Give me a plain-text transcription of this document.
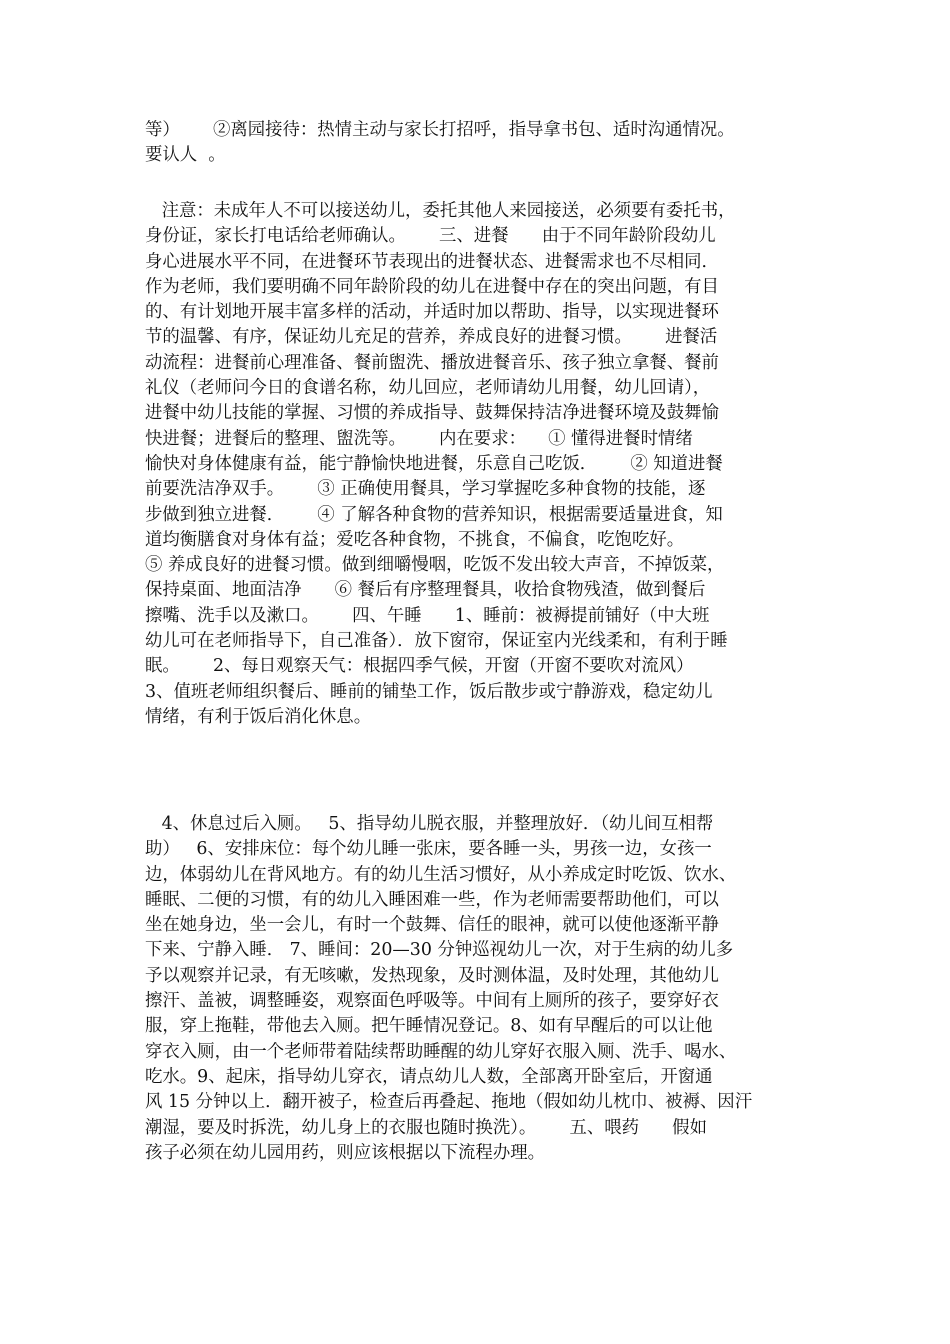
等）      ②离园接待：热情主动与家长打招呼，指导拿书包、适时沟通情况。
要认人  。
注意：未成年人不可以接送幼儿，委托其他人来园接送，必须要有委托书，
身份证，家长打电话给老师确认。      三、进餐      由于不同年龄阶段幼儿
身心进展水平不同，在进餐环节表现出的进餐状态、进餐需求也不尽相同．
作为老师，我们要明确不同年龄阶段的幼儿在进餐中存在的突出问题，有目
的、有计划地开展丰富多样的活动，并适时加以帮助、指导，以实现进餐环
节的温馨、有序，保证幼儿充足的营养，养成良好的进餐习惯。      进餐活
动流程：进餐前心理准备、餐前盥洗、播放进餐音乐、孩子独立拿餐、餐前
礼仪（老师问今日的食谱名称，幼儿回应，老师请幼儿用餐，幼儿回请），
进餐中幼儿技能的掌握、习惯的养成指导、鼓舞保持洁净进餐环境及鼓舞愉
快进餐；进餐后的整理、盥洗等。      内在要求：    ① 懂得进餐时情绪
愉快对身体健康有益，能宁静愉快地进餐，乐意自己吃饭．      ② 知道进餐
前要洗洁净双手。      ③ 正确使用餐具，学习掌握吃多种食物的技能，逐
步做到独立进餐．      ④ 了解各种食物的营养知识，根据需要适量进食，知
道均衡膳食对身体有益；爱吃各种食物，不挑食，不偏食，吃饱吃好。
⑤ 养成良好的进餐习惯。做到细嚼慢咽，吃饭不发出较大声音，不掉饭菜，
保持桌面、地面洁净      ⑥ 餐后有序整理餐具，收拾食物残渣，做到餐后
擦嘴、洗手以及漱口。      四、午睡      1、睡前：被褥提前铺好（中大班
幼儿可在老师指导下，自己准备）．放下窗帘，保证室内光线柔和，有利于睡
眠。      2、每日观察天气：根据四季气候，开窗（开窗不要吹对流风）
3、值班老师组织餐后、睡前的铺垫工作，饭后散步或宁静游戏，稳定幼儿
情绪，有利于饭后消化休息。
4、休息过后入厕。   5、指导幼儿脱衣服，并整理放好．（幼儿间互相帮
助）   6、安排床位：每个幼儿睡一张床，要各睡一头，男孩一边，女孩一
边，体弱幼儿在背风地方。有的幼儿生活习惯好，从小养成定时吃饭、饮水、
睡眠、二便的习惯，有的幼儿入睡困难一些，作为老师需要帮助他们，可以
坐在她身边，坐一会儿，有时一个鼓舞、信任的眼神，就可以使他逐渐平静
下来、宁静入睡． 7、睡间：20—30 分钟巡视幼儿一次，对于生病的幼儿多
予以观察并记录，有无咳嗽，发热现象，及时测体温，及时处理，其他幼儿
擦汗、盖被，调整睡姿，观察面色呼吸等。中间有上厕所的孩子，要穿好衣
服，穿上拖鞋，带他去入厕。把午睡情况登记。8、如有早醒后的可以让他
穿衣入厕，由一个老师带着陆续帮助睡醒的幼儿穿好衣服入厕、洗手、喝水、
吃水。9、起床，指导幼儿穿衣，请点幼儿人数，全部离开卧室后，开窗通
风 15 分钟以上．翻开被子，检查后再叠起、拖地（假如幼儿枕巾、被褥、因汗
潮湿，要及时拆洗，幼儿身上的衣服也随时换洗）。      五、喂药      假如
孩子必须在幼儿园用药，则应该根据以下流程办理。
